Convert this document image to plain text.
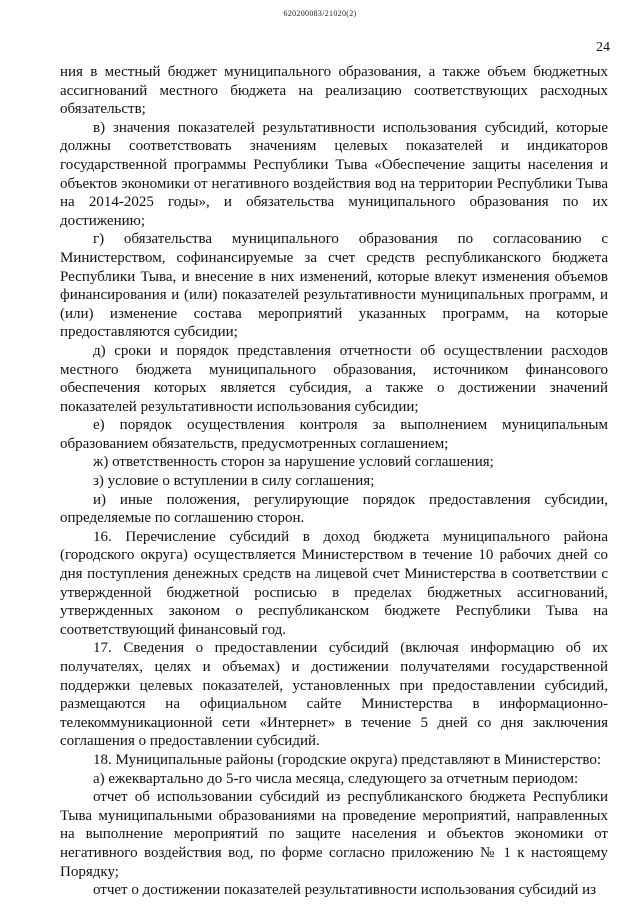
620200083/21020(2)
24

ния в местный бюджет муниципального образования, а также объем бюджетных ассигнований местного бюджета на реализацию соответствующих расходных обязательств;

в) значения показателей результативности использования субсидий, которые должны соответствовать значениям целевых показателей и индикаторов государственной программы Республики Тыва «Обеспечение защиты населения и объектов экономики от негативного воздействия вод на территории Республики Тыва на 2014-2025 годы», и обязательства муниципального образования по их достижению;

г) обязательства муниципального образования по согласованию с Министерством, софинансируемые за счет средств республиканского бюджета Республики Тыва, и внесение в них изменений, которые влекут изменения объемов финансирования и (или) показателей результативности муниципальных программ, и (или) изменение состава мероприятий указанных программ, на которые предоставляются субсидии;

д) сроки и порядок представления отчетности об осуществлении расходов местного бюджета муниципального образования, источником финансового обеспечения которых является субсидия, а также о достижении значений показателей результативности использования субсидии;

е) порядок осуществления контроля за выполнением муниципальным образованием обязательств, предусмотренных соглашением;

ж) ответственность сторон за нарушение условий соглашения;

з) условие о вступлении в силу соглашения;

и) иные положения, регулирующие порядок предоставления субсидии, определяемые по соглашению сторон.

16. Перечисление субсидий в доход бюджета муниципального района (городского округа) осуществляется Министерством в течение 10 рабочих дней со дня поступления денежных средств на лицевой счет Министерства в соответствии с утвержденной бюджетной росписью в пределах бюджетных ассигнований, утвержденных законом о республиканском бюджете Республики Тыва на соответствующий финансовый год.

17. Сведения о предоставлении субсидий (включая информацию об их получателях, целях и объемах) и достижении получателями государственной поддержки целевых показателей, установленных при предоставлении субсидий, размещаются на официальном сайте Министерства в информационно-телекоммуникационной сети «Интернет» в течение 5 дней со дня заключения соглашения о предоставлении субсидий.

18. Муниципальные районы (городские округа) представляют в Министерство:

а) ежеквартально до 5-го числа месяца, следующего за отчетным периодом:

отчет об использовании субсидий из республиканского бюджета Республики Тыва муниципальными образованиями на проведение мероприятий, направленных на выполнение мероприятий по защите населения и объектов экономики от негативного воздействия вод, по форме согласно приложению № 1 к настоящему Порядку;

отчет о достижении показателей результативности использования субсидий из
